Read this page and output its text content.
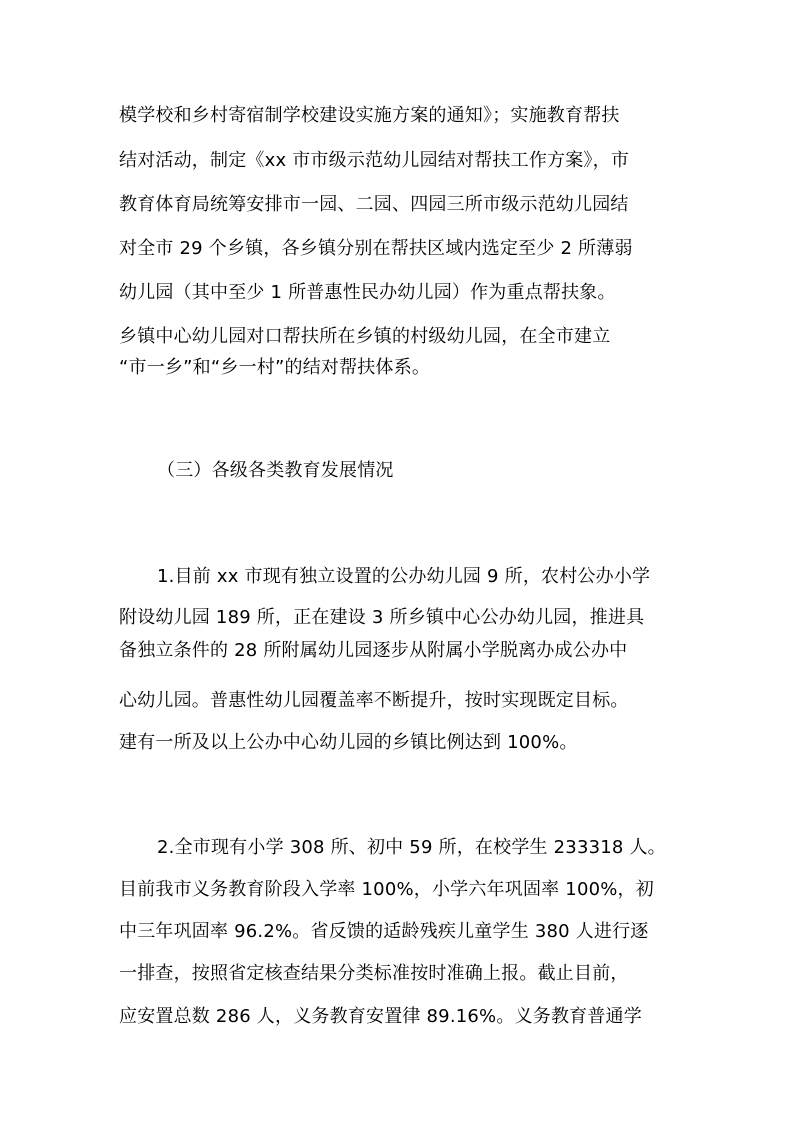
模学校和乡村寄宿制学校建设实施方案的通知》；实施教育帮扶
结对活动，制定《xx 市市级示范幼儿园结对帮扶工作方案》，市
教育体育局统筹安排市一园、二园、四园三所市级示范幼儿园结
对全市 29 个乡镇，各乡镇分别在帮扶区域内选定至少 2 所薄弱
幼儿园（其中至少 1 所普惠性民办幼儿园）作为重点帮扶象。
乡镇中心幼儿园对口帮扶所在乡镇的村级幼儿园，在全市建立
“市一乡”和“乡一村”的结对帮扶体系。
（三）各级各类教育发展情况
1.目前 xx 市现有独立设置的公办幼儿园 9 所，农村公办小学
附设幼儿园 189 所，正在建设 3 所乡镇中心公办幼儿园，推进具
备独立条件的 28 所附属幼儿园逐步从附属小学脱离办成公办中
心幼儿园。普惠性幼儿园覆盖率不断提升，按时实现既定目标。
建有一所及以上公办中心幼儿园的乡镇比例达到 100%。
2.全市现有小学 308 所、初中 59 所，在校学生 233318 人。
目前我市义务教育阶段入学率 100%，小学六年巩固率 100%，初
中三年巩固率 96.2%。省反馈的适龄残疾儿童学生 380 人进行逐
一排查，按照省定核查结果分类标准按时准确上报。截止目前，
应安置总数 286 人，义务教育安置律 89.16%。义务教育普通学
